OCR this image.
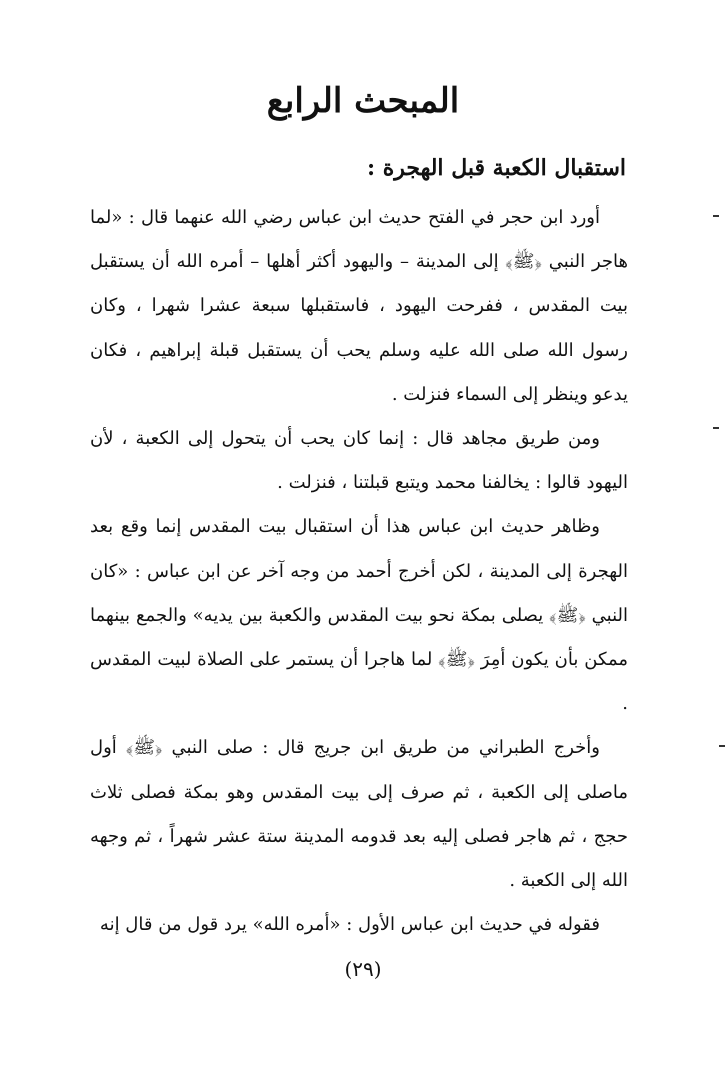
المبحث الرابع
استقبال الكعبة قبل الهجرة :

أورد ابن حجر في الفتح حديث ابن عباس رضي الله عنهما قال : «لما هاجر النبي ﴿ﷺ﴾ إلى المدينة – واليهود أكثر أهلها – أمره الله أن يستقبل بيت المقدس ، ففرحت اليهود ، فاستقبلها سبعة عشرا شهرا ، وكان رسول الله صلى الله عليه وسلم يحب أن يستقبل قبلة إبراهيم ، فكان يدعو وينظر إلى السماء فنزلت .

ومن طريق مجاهد قال : إنما كان يحب أن يتحول إلى الكعبة ، لأن اليهود قالوا : يخالفنا محمد ويتبع قبلتنا ، فنزلت .

وظاهر حديث ابن عباس هذا أن استقبال بيت المقدس إنما وقع بعد الهجرة إلى المدينة ، لكن أخرج أحمد من وجه آخر عن ابن عباس : «كان النبي ﴿ﷺ﴾ يصلى بمكة نحو بيت المقدس والكعبة بين يديه» والجمع بينهما ممكن بأن يكون أمِرَ ﴿ﷺ﴾ لما هاجرا أن يستمر على الصلاة لبيت المقدس .

وأخرج الطبراني من طريق ابن جريج قال : صلى النبي ﴿ﷺ﴾ أول ماصلى إلى الكعبة ، ثم صرف إلى بيت المقدس وهو بمكة فصلى ثلاث حجج ، ثم هاجر فصلى إليه بعد قدومه المدينة ستة عشر شهراً ، ثم وجهه الله إلى الكعبة .

فقوله في حديث ابن عباس الأول : «أمره الله» يرد قول من قال إنه

(٢٩)
